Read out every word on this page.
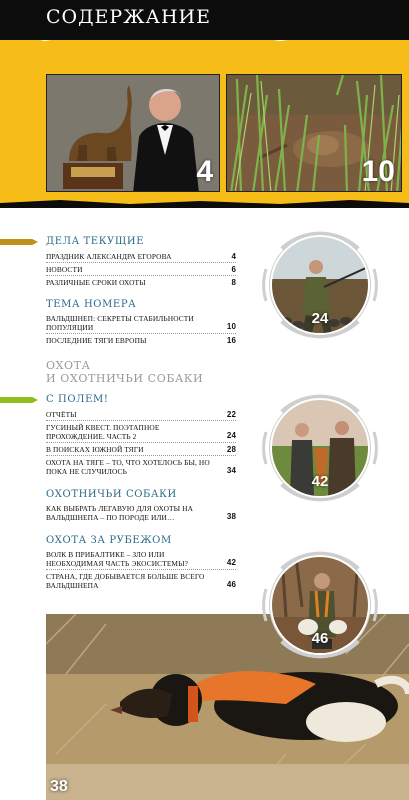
СОДЕРЖАНИЕ
4	10
ДЕЛА ТЕКУЩИЕ
ПРАЗДНИК АЛЕКСАНДРА ЕГОРОВА	4
НОВОСТИ	6
РАЗЛИЧНЫЕ СРОКИ ОХОТЫ	8
ТЕМА НОМЕРА
ВАЛЬДШНЕП: СЕКРЕТЫ СТАБИЛЬНОСТИ ПОПУЛЯЦИИ	10
ПОСЛЕДНИЕ ТЯГИ ЕВРОПЫ	16
ОХОТА
И ОХОТНИЧЬИ СОБАКИ
С ПОЛЕМ!
ОТЧЁТЫ	22
ГУСИНЫЙ КВЕСТ. ПОЭТАПНОЕ ПРОХОЖДЕНИЕ. ЧАСТЬ 2	24
В ПОИСКАХ ЮЖНОЙ ТЯГИ	28
ОХОТА НА ТЯГЕ – ТО, ЧТО ХОТЕЛОСЬ БЫ, НО ПОКА НЕ СЛУЧИЛОСЬ	34
ОХОТНИЧЬИ СОБАКИ
КАК ВЫБРАТЬ ЛЕГАВУЮ ДЛЯ ОХОТЫ НА ВАЛЬДШНЕПА – ПО ПОРОДЕ ИЛИ…	38
ОХОТА ЗА РУБЕЖОМ
ВОЛК В ПРИБАЛТИКЕ – ЗЛО ИЛИ НЕОБХОДИМАЯ ЧАСТЬ ЭКОСИСТЕМЫ?	42
СТРАНА, ГДЕ ДОБЫВАЕТСЯ БОЛЬШЕ ВСЕГО ВАЛЬДШНЕПА	46
24
42
46
38
